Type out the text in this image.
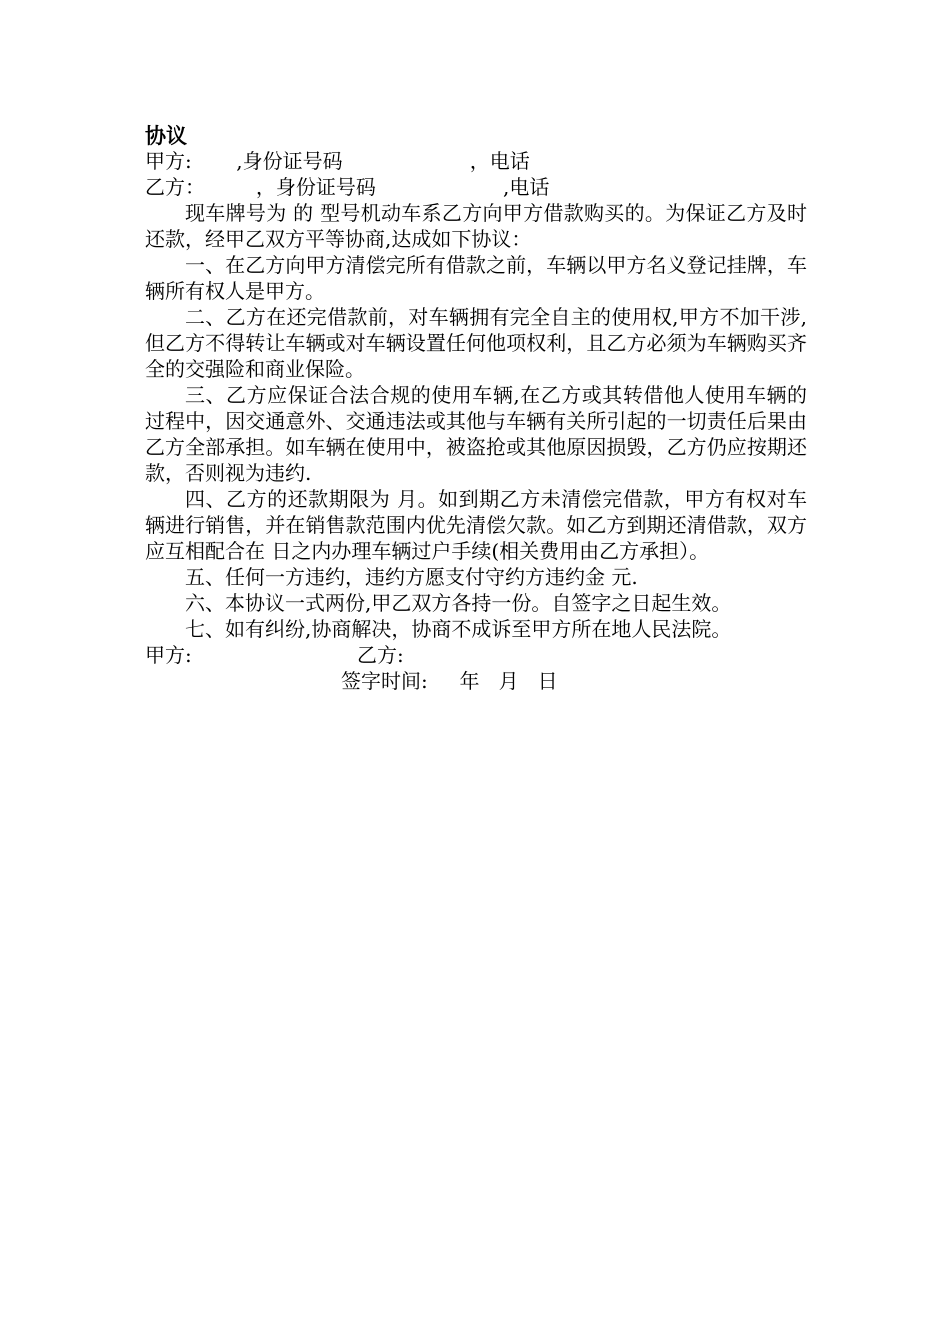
协议
甲方:       ,身份证号码                    ，电话
乙方：        ，身份证号码                    ,电话

现车牌号为 的 型号机动车系乙方向甲方借款购买的。为保证乙方及时还款，经甲乙双方平等协商,达成如下协议：

一、在乙方向甲方清偿完所有借款之前，车辆以甲方名义登记挂牌，车辆所有权人是甲方。

二、乙方在还完借款前，对车辆拥有完全自主的使用权,甲方不加干涉,但乙方不得转让车辆或对车辆设置任何他项权利，且乙方必须为车辆购买齐全的交强险和商业保险。

三、乙方应保证合法合规的使用车辆,在乙方或其转借他人使用车辆的过程中，因交通意外、交通违法或其他与车辆有关所引起的一切责任后果由乙方全部承担。如车辆在使用中，被盗抢或其他原因损毁，乙方仍应按期还款，否则视为违约.

四、乙方的还款期限为 月。如到期乙方未清偿完借款，甲方有权对车辆进行销售，并在销售款范围内优先清偿欠款。如乙方到期还清借款，双方应互相配合在 日之内办理车辆过户手续(相关费用由乙方承担）。

五、任何一方违约，违约方愿支付守约方违约金 元.

六、本协议一式两份,甲乙双方各持一份。自签字之日起生效。

七、如有纠纷,协商解决，协商不成诉至甲方所在地人民法院。

甲方:                          乙方:
签字时间:     年   月   日
